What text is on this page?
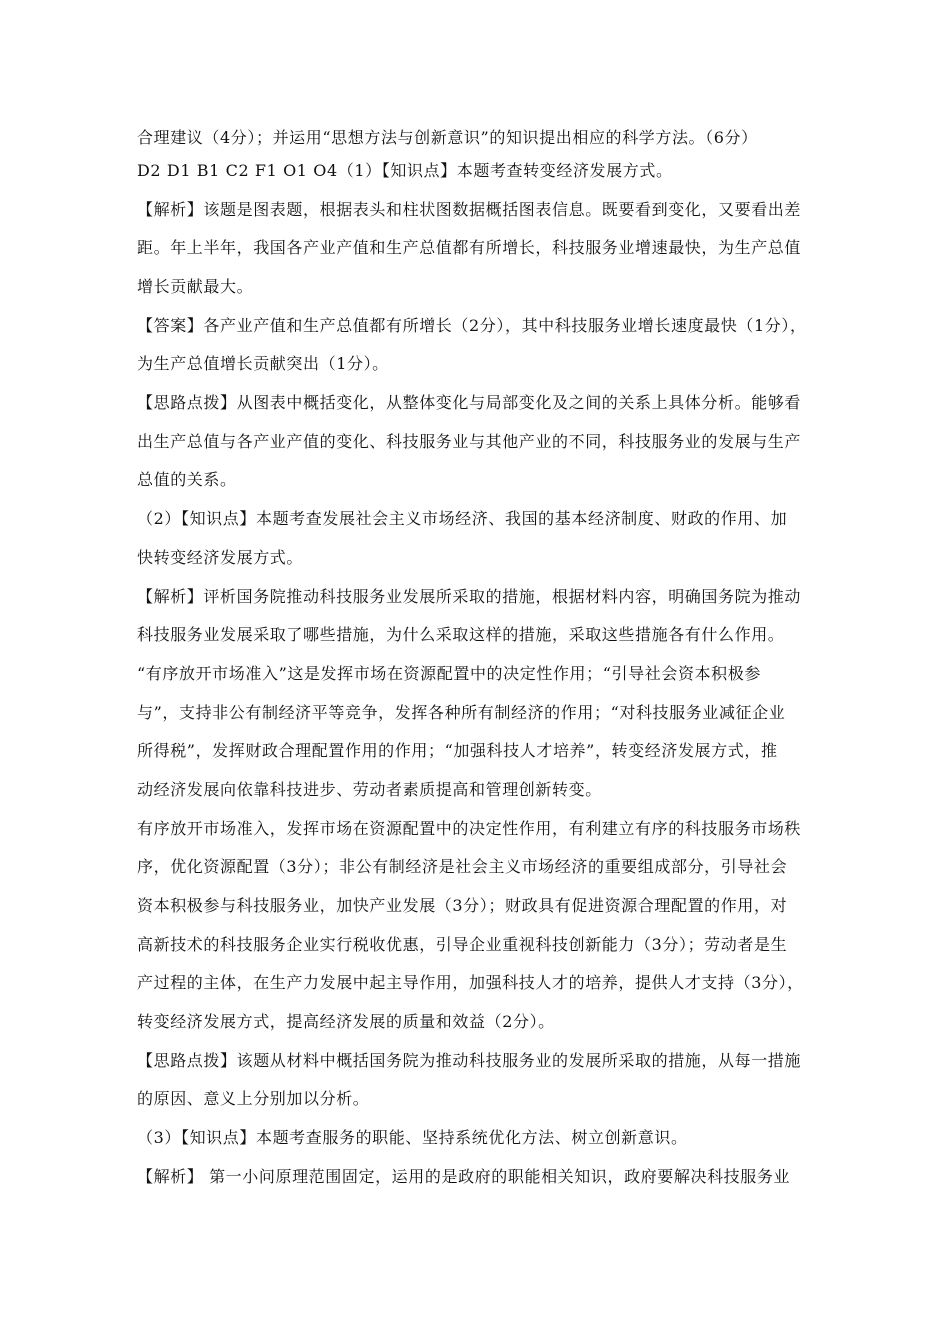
合理建议（4分）；并运用“思想方法与创新意识”的知识提出相应的科学方法。（6分）
D2 D1 B1 C2 F1 O1 O4（1）【知识点】本题考查转变经济发展方式。
【解析】该题是图表题，根据表头和柱状图数据概括图表信息。既要看到变化，又要看出差
距。年上半年，我国各产业产值和生产总值都有所增长，科技服务业增速最快，为生产总值
增长贡献最大。
【答案】各产业产值和生产总值都有所增长（2分），其中科技服务业增长速度最快（1分），
为生产总值增长贡献突出（1分）。
【思路点拨】从图表中概括变化，从整体变化与局部变化及之间的关系上具体分析。能够看
出生产总值与各产业产值的变化、科技服务业与其他产业的不同，科技服务业的发展与生产
总值的关系。
（2）【知识点】本题考查发展社会主义市场经济、我国的基本经济制度、财政的作用、加
快转变经济发展方式。
【解析】评析国务院推动科技服务业发展所采取的措施，根据材料内容，明确国务院为推动
科技服务业发展采取了哪些措施，为什么采取这样的措施，采取这些措施各有什么作用。
“有序放开市场准入”这是发挥市场在资源配置中的决定性作用；“引导社会资本积极参
与”，支持非公有制经济平等竞争，发挥各种所有制经济的作用；“对科技服务业减征企业
所得税”，发挥财政合理配置作用的作用；“加强科技人才培养”，转变经济发展方式，推
动经济发展向依靠科技进步、劳动者素质提高和管理创新转变。
有序放开市场准入，发挥市场在资源配置中的决定性作用，有利建立有序的科技服务市场秩
序，优化资源配置（3分）；非公有制经济是社会主义市场经济的重要组成部分，引导社会
资本积极参与科技服务业，加快产业发展（3分）；财政具有促进资源合理配置的作用，对
高新技术的科技服务企业实行税收优惠，引导企业重视科技创新能力（3分）；劳动者是生
产过程的主体，在生产力发展中起主导作用，加强科技人才的培养，提供人才支持（3分），
转变经济发展方式，提高经济发展的质量和效益（2分）。
【思路点拨】该题从材料中概括国务院为推动科技服务业的发展所采取的措施，从每一措施
的原因、意义上分别加以分析。
（3）【知识点】本题考查服务的职能、坚持系统优化方法、树立创新意识。
【解析】 第一小问原理范围固定，运用的是政府的职能相关知识，政府要解决科技服务业
